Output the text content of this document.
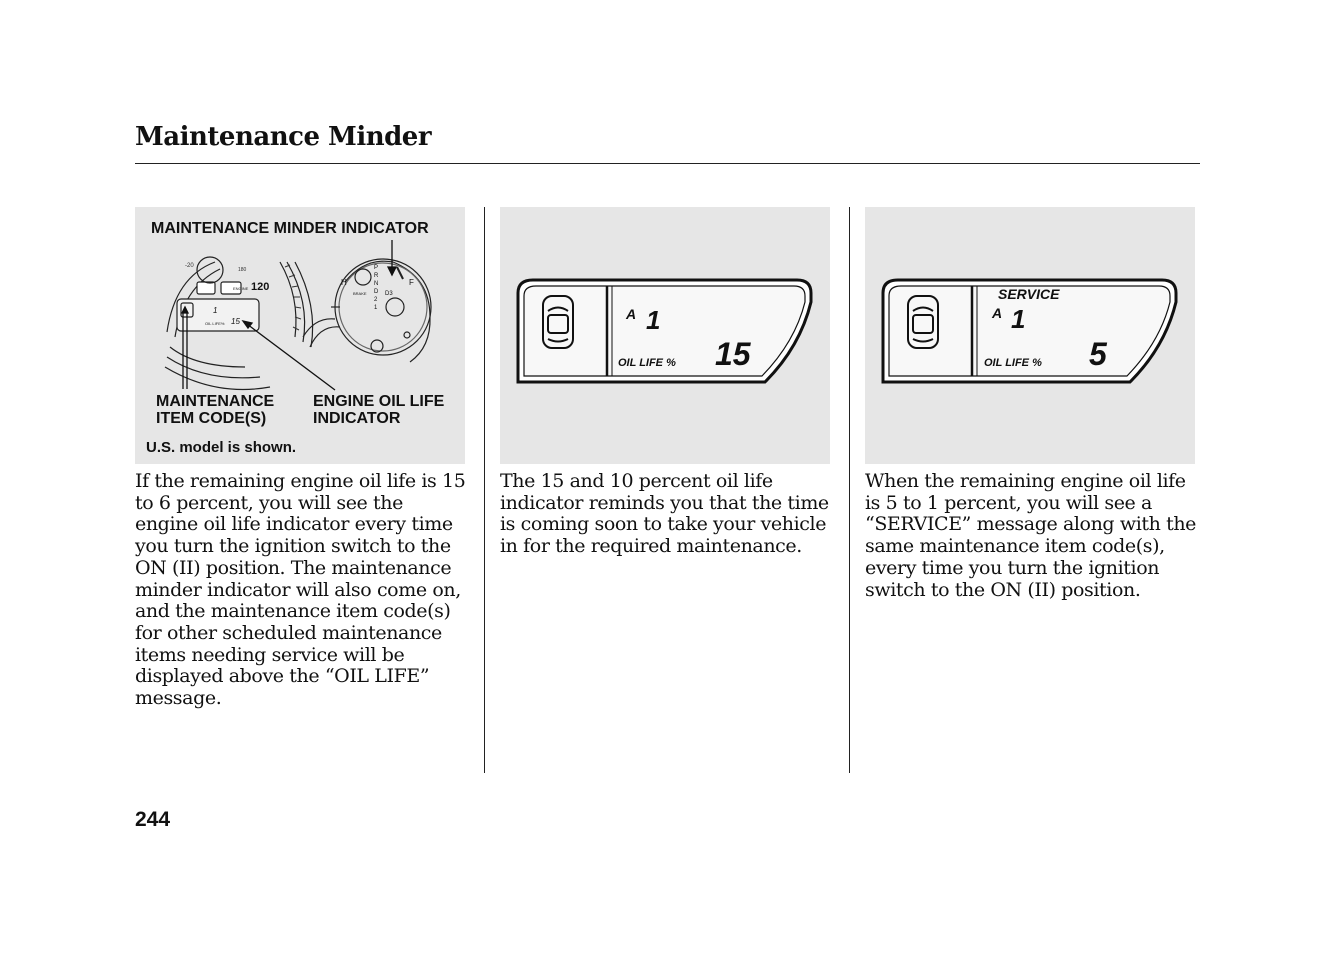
Maintenance Minder
MAINTENANCE MINDER INDICATOR
ENGINE
-20
180
120	H	F
D3
BRAKE
P
R
N
D
2
1
1
15
OIL LIFE%
MAINTENANCE
ITEM CODE(S)
ENGINE OIL LIFE
INDICATOR
U.S. model is shown.
A 1
OIL LIFE % 15
SERVICE
A 1
OIL LIFE % 5

If the remaining engine oil life is 15 to 6 percent, you will see the engine oil life indicator every time you turn the ignition switch to the ON (II) position. The maintenance minder indicator will also come on, and the maintenance item code(s) for other scheduled maintenance items needing service will be displayed above the “OIL LIFE” message.

The 15 and 10 percent oil life indicator reminds you that the time is coming soon to take your vehicle in for the required maintenance.

When the remaining engine oil life is 5 to 1 percent, you will see a “SERVICE” message along with the same maintenance item code(s), every time you turn the ignition switch to the ON (II) position.

244
